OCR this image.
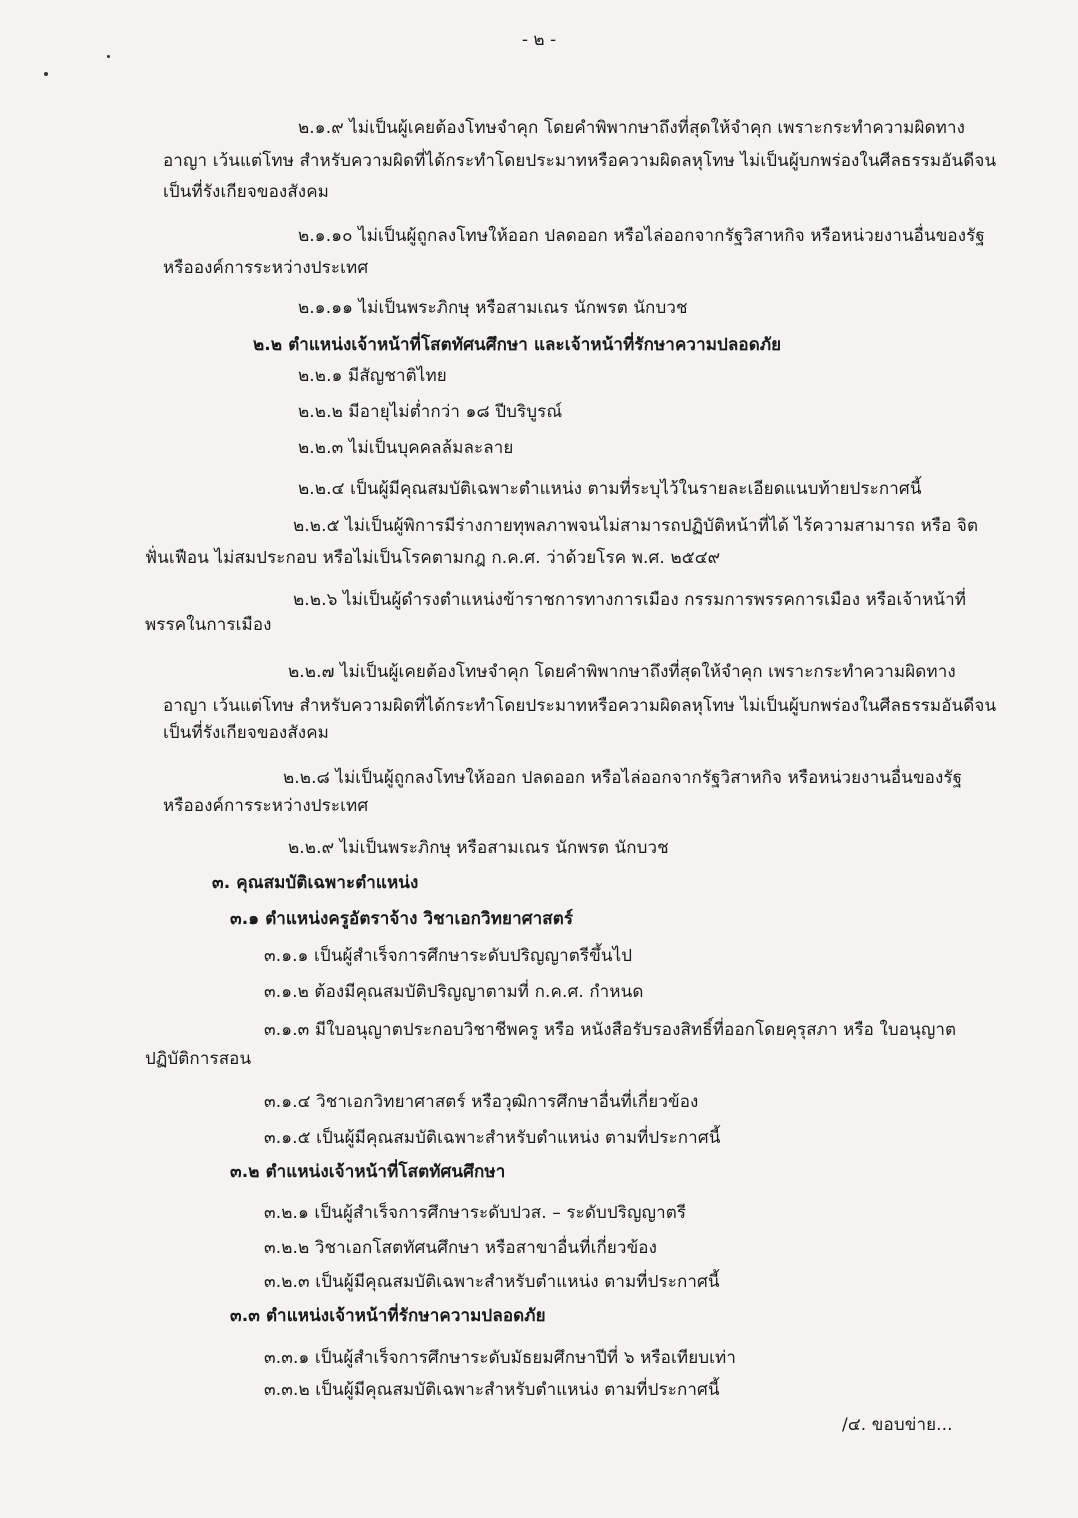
- ๒ -
๒.๑.๙ ไม่เป็นผู้เคยต้องโทษจำคุก โดยคำพิพากษาถึงที่สุดให้จำคุก เพราะกระทำความผิดทาง
อาญา เว้นแต่โทษ สำหรับความผิดที่ได้กระทำโดยประมาทหรือความผิดลหุโทษ ไม่เป็นผู้บกพร่องในศีลธรรมอันดีจน
เป็นที่รังเกียจของสังคม
๒.๑.๑๐ ไม่เป็นผู้ถูกลงโทษให้ออก ปลดออก หรือไล่ออกจากรัฐวิสาหกิจ หรือหน่วยงานอื่นของรัฐ
หรือองค์การระหว่างประเทศ
๒.๑.๑๑ ไม่เป็นพระภิกษุ หรือสามเณร นักพรต นักบวช
๒.๒ ตำแหน่งเจ้าหน้าที่โสตทัศนศึกษา และเจ้าหน้าที่รักษาความปลอดภัย
๒.๒.๑ มีสัญชาติไทย
๒.๒.๒ มีอายุไม่ต่ำกว่า ๑๘ ปีบริบูรณ์
๒.๒.๓ ไม่เป็นบุคคลล้มละลาย
๒.๒.๔ เป็นผู้มีคุณสมบัติเฉพาะตำแหน่ง ตามที่ระบุไว้ในรายละเอียดแนบท้ายประกาศนี้
๒.๒.๕ ไม่เป็นผู้พิการมีร่างกายทุพลภาพจนไม่สามารถปฏิบัติหน้าที่ได้ ไร้ความสามารถ หรือ จิต
ฟั่นเฟือน ไม่สมประกอบ หรือไม่เป็นโรคตามกฎ ก.ค.ศ. ว่าด้วยโรค พ.ศ. ๒๕๔๙
๒.๒.๖ ไม่เป็นผู้ดำรงตำแหน่งข้าราชการทางการเมือง กรรมการพรรคการเมือง หรือเจ้าหน้าที่
พรรคในการเมือง
๒.๒.๗ ไม่เป็นผู้เคยต้องโทษจำคุก โดยคำพิพากษาถึงที่สุดให้จำคุก เพราะกระทำความผิดทาง
อาญา เว้นแต่โทษ สำหรับความผิดที่ได้กระทำโดยประมาทหรือความผิดลหุโทษ ไม่เป็นผู้บกพร่องในศีลธรรมอันดีจน
เป็นที่รังเกียจของสังคม
๒.๒.๘ ไม่เป็นผู้ถูกลงโทษให้ออก ปลดออก หรือไล่ออกจากรัฐวิสาหกิจ หรือหน่วยงานอื่นของรัฐ
หรือองค์การระหว่างประเทศ
๒.๒.๙ ไม่เป็นพระภิกษุ หรือสามเณร นักพรต นักบวช
๓. คุณสมบัติเฉพาะตำแหน่ง
๓.๑ ตำแหน่งครูอัตราจ้าง วิชาเอกวิทยาศาสตร์
๓.๑.๑ เป็นผู้สำเร็จการศึกษาระดับปริญญาตรีขึ้นไป
๓.๑.๒ ต้องมีคุณสมบัติปริญญาตามที่ ก.ค.ศ. กำหนด
๓.๑.๓ มีใบอนุญาตประกอบวิชาชีพครู หรือ หนังสือรับรองสิทธิ์ที่ออกโดยคุรุสภา หรือ ใบอนุญาต
ปฏิบัติการสอน
๓.๑.๔ วิชาเอกวิทยาศาสตร์ หรือวุฒิการศึกษาอื่นที่เกี่ยวข้อง
๓.๑.๕ เป็นผู้มีคุณสมบัติเฉพาะสำหรับตำแหน่ง ตามที่ประกาศนี้
๓.๒ ตำแหน่งเจ้าหน้าที่โสตทัศนศึกษา
๓.๒.๑ เป็นผู้สำเร็จการศึกษาระดับปวส. – ระดับปริญญาตรี
๓.๒.๒ วิชาเอกโสตทัศนศึกษา หรือสาขาอื่นที่เกี่ยวข้อง
๓.๒.๓ เป็นผู้มีคุณสมบัติเฉพาะสำหรับตำแหน่ง ตามที่ประกาศนี้
๓.๓ ตำแหน่งเจ้าหน้าที่รักษาความปลอดภัย
๓.๓.๑ เป็นผู้สำเร็จการศึกษาระดับมัธยมศึกษาปีที่ ๖ หรือเทียบเท่า
๓.๓.๒ เป็นผู้มีคุณสมบัติเฉพาะสำหรับตำแหน่ง ตามที่ประกาศนี้
/๔. ขอบข่าย...
